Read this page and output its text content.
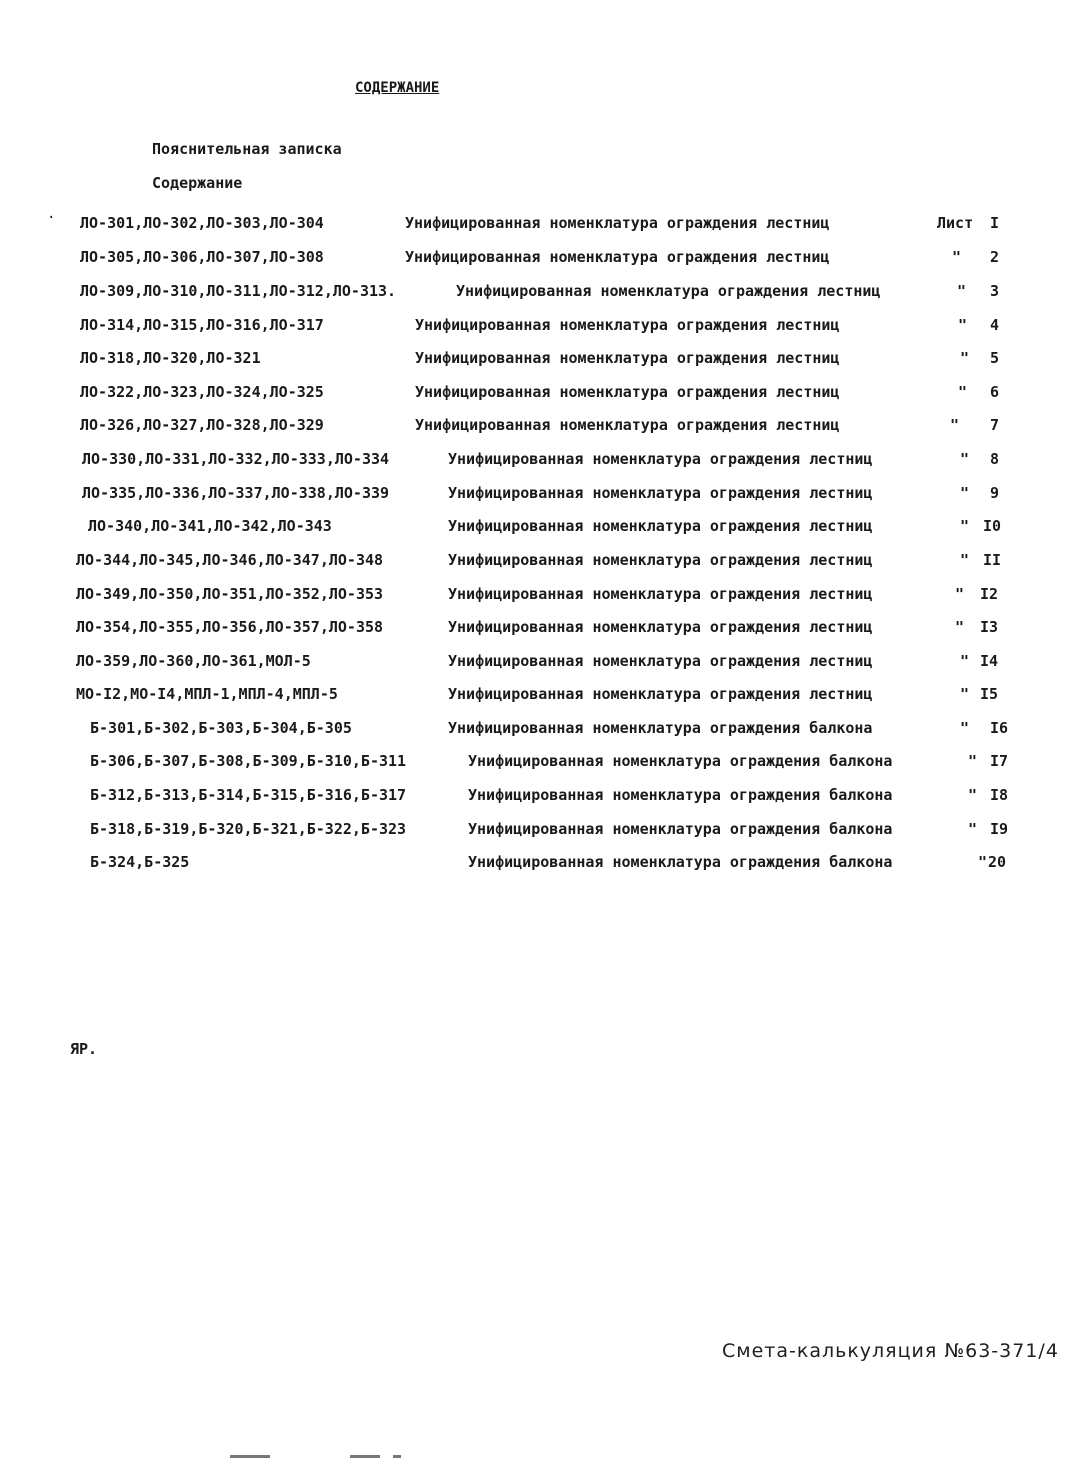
СОДЕРЖАНИЕ
Пояснительная записка
Содержание
· ЛО-301,ЛО-302,ЛО-303,ЛО-304	Унифицированная номенклатура ограждения лестниц	Лист I
ЛО-305,ЛО-306,ЛО-307,ЛО-308	Унифицированная номенклатура ограждения лестниц	" 2
ЛО-309,ЛО-310,ЛО-311,ЛО-312,ЛО-313.	Унифицированная номенклатура ограждения лестниц	" 3
ЛО-314,ЛО-315,ЛО-316,ЛО-317	Унифицированная номенклатура ограждения лестниц	" 4
ЛО-318,ЛО-320,ЛО-321	Унифицированная номенклатура ограждения лестниц	" 5
ЛО-322,ЛО-323,ЛО-324,ЛО-325	Унифицированная номенклатура ограждения лестниц	" 6
ЛО-326,ЛО-327,ЛО-328,ЛО-329	Унифицированная номенклатура ограждения лестниц	" 7
ЛО-330,ЛО-331,ЛО-332,ЛО-333,ЛО-334	Унифицированная номенклатура ограждения лестниц	" 8
ЛО-335,ЛО-336,ЛО-337,ЛО-338,ЛО-339	Унифицированная номенклатура ограждения лестниц	" 9
ЛО-340,ЛО-341,ЛО-342,ЛО-343	Унифицированная номенклатура ограждения лестниц	" I0
ЛО-344,ЛО-345,ЛО-346,ЛО-347,ЛО-348	Унифицированная номенклатура ограждения лестниц	" II
ЛО-349,ЛО-350,ЛО-351,ЛО-352,ЛО-353	Унифицированная номенклатура ограждения лестниц	" I2
ЛО-354,ЛО-355,ЛО-356,ЛО-357,ЛО-358	Унифицированная номенклатура ограждения лестниц	" I3
ЛО-359,ЛО-360,ЛО-361,МОЛ-5	Унифицированная номенклатура ограждения лестниц	" I4
МО-I2,МО-I4,МПЛ-1,МПЛ-4,МПЛ-5	Унифицированная номенклатура ограждения лестниц	" I5
Б-301,Б-302,Б-303,Б-304,Б-305	Унифицированная номенклатура ограждения балкона	" I6
Б-306,Б-307,Б-308,Б-309,Б-310,Б-311	Унифицированная номенклатура ограждения балкона	" I7
Б-312,Б-313,Б-314,Б-315,Б-316,Б-317	Унифицированная номенклатура ограждения балкона	" I8
Б-318,Б-319,Б-320,Б-321,Б-322,Б-323	Унифицированная номенклатура ограждения балкона	" I9
Б-324,Б-325	Унифицированная номенклатура ограждения балкона	" 20
ЯР.
Смета-калькуляция №63-371/4
